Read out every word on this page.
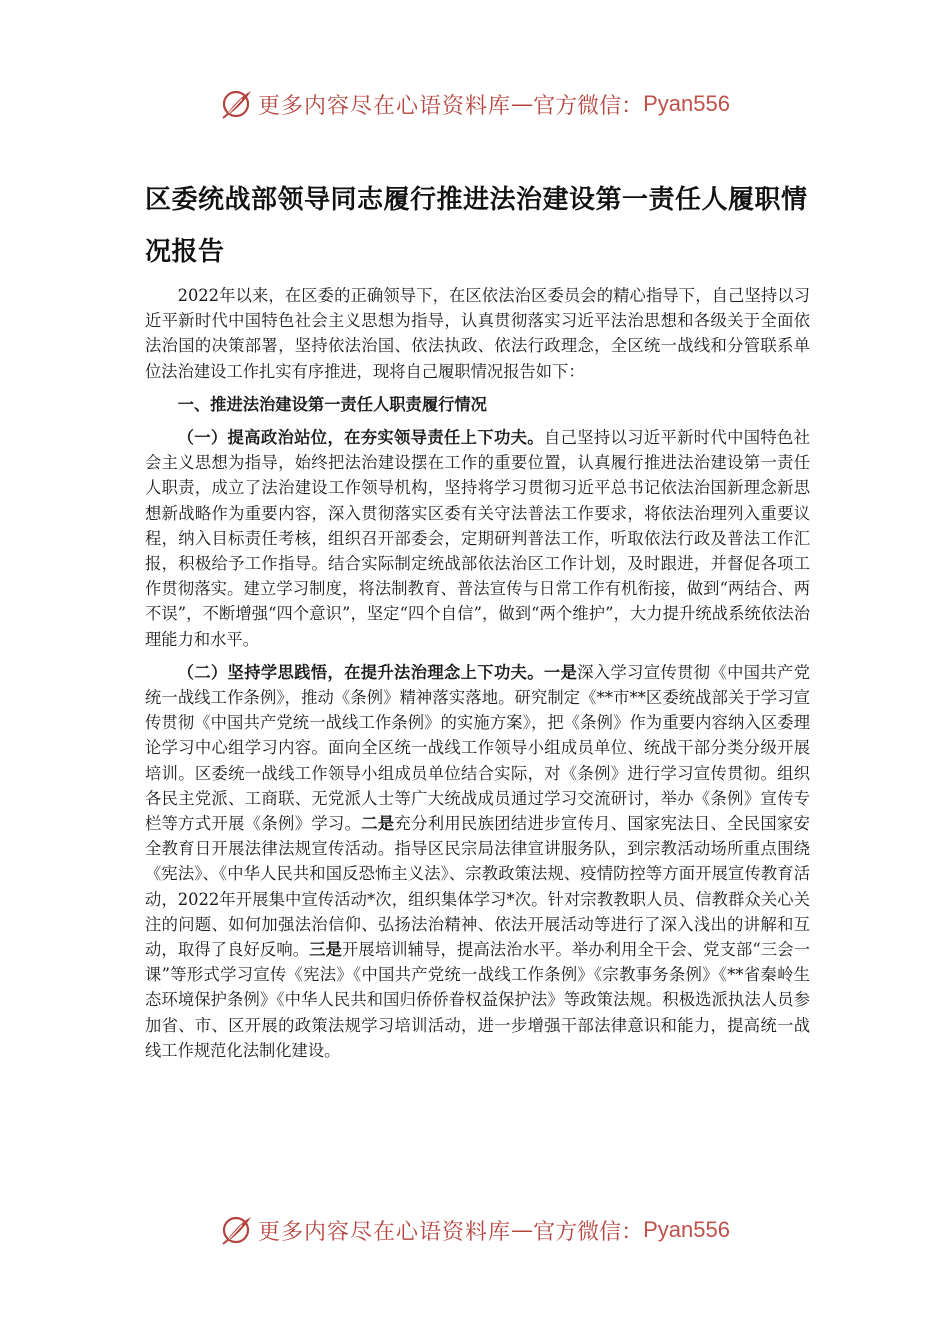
更多内容尽在心语资料库 — 官方微信： Pyan556
区委统战部领导同志履行推进法治建设第一责任人履职情况报告

2022年以来，在区委的正确领导下，在区依法治区委员会的精心指导下，自己坚持以习近平新时代中国特色社会主义思想为指导，认真贯彻落实习近平法治思想和各级关于全面依法治国的决策部署，坚持依法治国、依法执政、依法行政理念，全区统一战线和分管联系单位法治建设工作扎实有序推进，现将自己履职情况报告如下：

一、推进法治建设第一责任人职责履行情况

（一）提高政治站位，在夯实领导责任上下功夫。自己坚持以习近平新时代中国特色社会主义思想为指导，始终把法治建设摆在工作的重要位置，认真履行推进法治建设第一责任人职责，成立了法治建设工作领导机构，坚持将学习贯彻习近平总书记依法治国新理念新思想新战略作为重要内容，深入贯彻落实区委有关守法普法工作要求，将依法治理列入重要议程，纳入目标责任考核，组织召开部委会，定期研判普法工作，听取依法行政及普法工作汇报，积极给予工作指导。结合实际制定统战部依法治区工作计划，及时跟进，并督促各项工作贯彻落实。建立学习制度，将法制教育、普法宣传与日常工作有机衔接，做到“两结合、两不误”，不断增强“四个意识”，坚定“四个自信”，做到“两个维护”，大力提升统战系统依法治理能力和水平。

（二）坚持学思践悟，在提升法治理念上下功夫。一是深入学习宣传贯彻《中国共产党统一战线工作条例》，推动《条例》精神落实落地。研究制定《**市**区委统战部关于学习宣传贯彻《中国共产党统一战线工作条例》的实施方案》，把《条例》作为重要内容纳入区委理论学习中心组学习内容。面向全区统一战线工作领导小组成员单位、统战干部分类分级开展培训。区委统一战线工作领导小组成员单位结合实际，对《条例》进行学习宣传贯彻。组织各民主党派、工商联、无党派人士等广大统战成员通过学习交流研讨，举办《条例》宣传专栏等方式开展《条例》学习。二是充分利用民族团结进步宣传月、国家宪法日、全民国家安全教育日开展法律法规宣传活动。指导区民宗局法律宣讲服务队，到宗教活动场所重点围绕《宪法》、《中华人民共和国反恐怖主义法》、宗教政策法规、疫情防控等方面开展宣传教育活动，2022年开展集中宣传活动*次，组织集体学习*次。针对宗教教职人员、信教群众关心关注的问题、如何加强法治信仰、弘扬法治精神、依法开展活动等进行了深入浅出的讲解和互动，取得了良好反响。三是开展培训辅导，提高法治水平。举办利用全干会、党支部“三会一课”等形式学习宣传《宪法》《中国共产党统一战线工作条例》《宗教事务条例》《**省秦岭生态环境保护条例》《中华人民共和国归侨侨眷权益保护法》等政策法规。积极选派执法人员参加省、市、区开展的政策法规学习培训活动，进一步增强干部法律意识和能力，提高统一战线工作规范化法制化建设。

更多内容尽在心语资料库 — 官方微信： Pyan556
